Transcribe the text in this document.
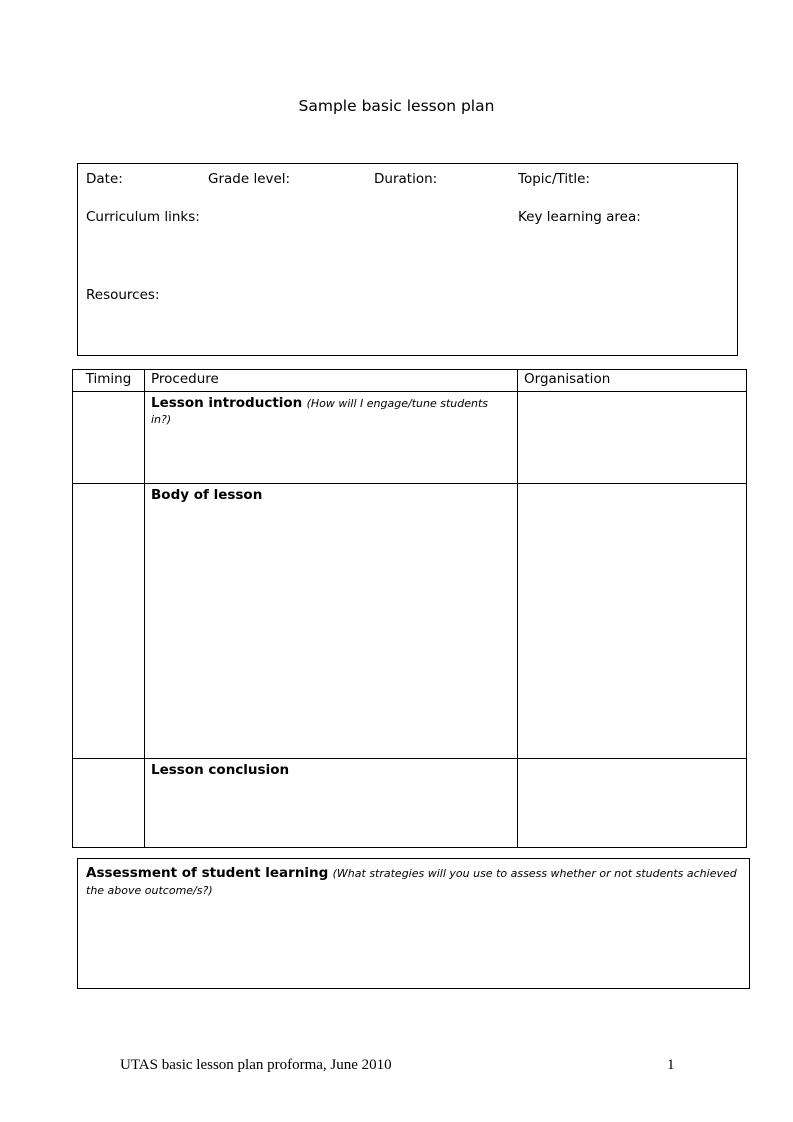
Sample basic lesson plan
Date:	Grade level:	Duration:	Topic/Title:
Curriculum links:	Key learning area:
Resources:
Timing	Procedure	Organisation

	Lesson introduction (How will I engage/tune students in?)	

	Body of lesson	

	Lesson conclusion	

Assessment of student learning (What strategies will you use to assess whether or not students achieved the above outcome/s?)
UTAS basic lesson plan proforma, June 2010	1
